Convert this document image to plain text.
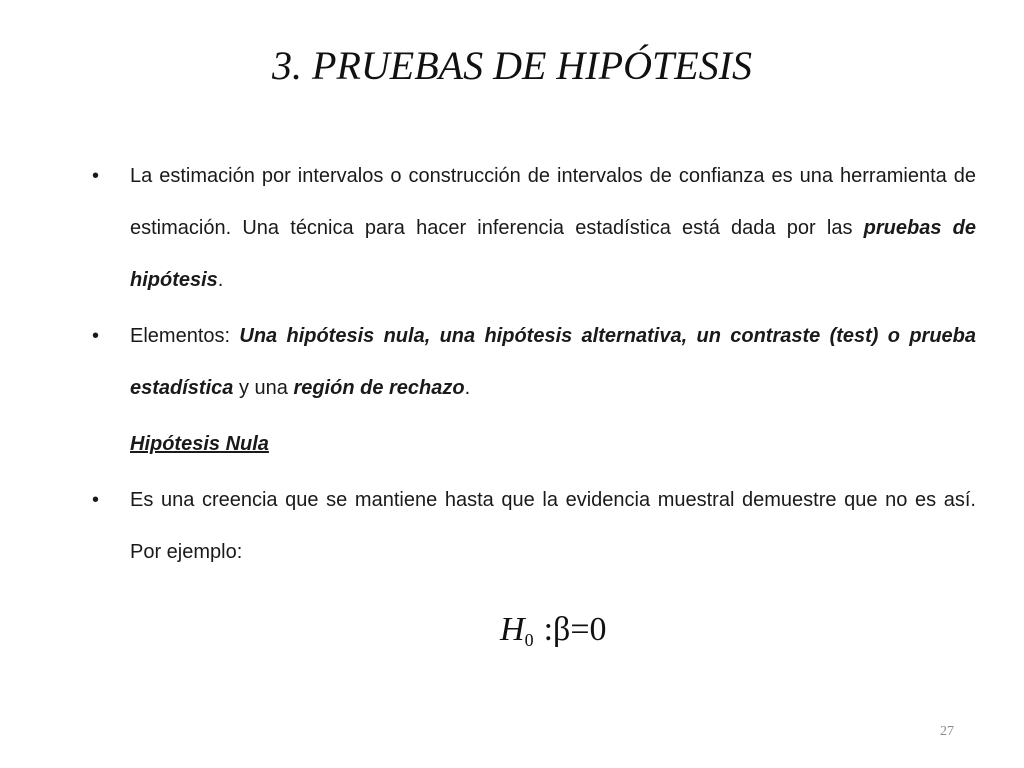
3. PRUEBAS DE HIPÓTESIS
•	La estimación por intervalos o construcción de intervalos de confianza es una herramienta de estimación. Una técnica para hacer inferencia estadística está dada por las pruebas de hipótesis.
•	Elementos: Una hipótesis nula, una hipótesis alternativa, un contraste (test) o prueba estadística y una región de rechazo.
Hipótesis Nula
•	Es una creencia que se mantiene hasta que la evidencia muestral demuestre que no es así. Por ejemplo:
$H_0$ :β=0
27
